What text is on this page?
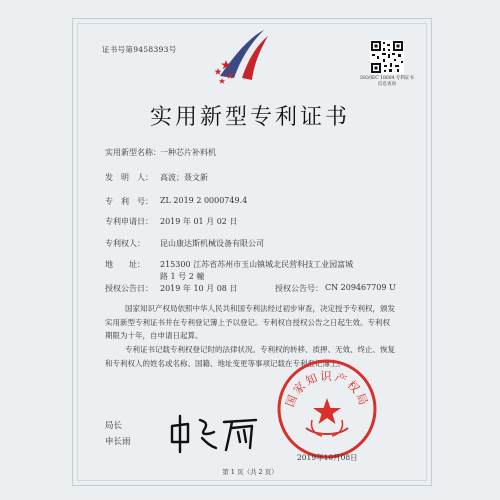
证书号第9458393号
ISO/IEC 18004 专利证书信息查询
实用新型专利证书
实用新型名称： 一种芯片补料机
发　明　人： 高波；聂文新
专　利　号： ZL 2019 2 0000749.4
专利申请日： 2019 年 01 月 02 日
专利权人： 昆山康达斯机械设备有限公司
地　　址： 215300 江苏省苏州市玉山镇城北民营科技工业园富城路 1 号 2 幢
授权公告日： 2019 年 10 月 08 日	授权公告号： CN 209467709 U
国家知识产权局依照中华人民共和国专利法经过初步审查，决定授予专利权，颁发实用新型专利证书并在专利登记簿上予以登记。专利权自授权公告之日起生效。专利权期限为十年，自申请日起算。
专利证书记载专利权登记时的法律状况。专利权的转移、质押、无效、终止、恢复和专利权人的姓名或名称、国籍、地址变更等事项记载在专利登记簿上。
局长
申长雨
国家知识产权局
2019年10月08日
第 1 页（共 2 页）
